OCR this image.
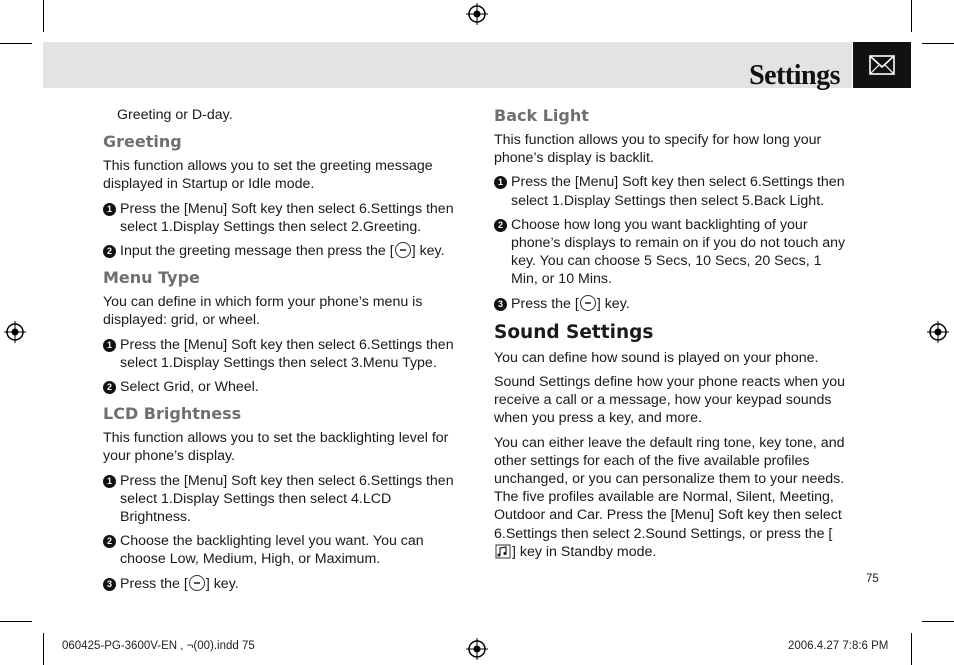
Settings

Greeting or D-day.

Greeting

This function allows you to set the greeting message displayed in Startup or Idle mode.

1 Press the [Menu] Soft key then select 6.Settings then select 1.Display Settings then select 2.Greeting.
2 Input the greeting message then press the [ ] key.
Menu Type

You can define in which form your phone’s menu is displayed: grid, or wheel.

1 Press the [Menu] Soft key then select 6.Settings then select 1.Display Settings then select 3.Menu Type.
2 Select Grid, or Wheel.
LCD Brightness

This function allows you to set the backlighting level for your phone’s display.

1 Press the [Menu] Soft key then select 6.Settings then select 1.Display Settings then select 4.LCD Brightness.
2 Choose the backlighting level you want. You can choose Low, Medium, High, or Maximum.
3 Press the [ ] key.
Back Light

This function allows you to specify for how long your phone’s display is backlit.

1 Press the [Menu] Soft key then select 6.Settings then select 1.Display Settings then select 5.Back Light.
2 Choose how long you want backlighting of your phone’s displays to remain on if you do not touch any key. You can choose 5 Secs, 10 Secs, 20 Secs, 1 Min, or 10 Mins.
3 Press the [ ] key.
Sound Settings

You can define how sound is played on your phone.

Sound Settings define how your phone reacts when you receive a call or a message, how your keypad sounds when you press a key, and more.

You can either leave the default ring tone, key tone, and other settings for each of the five available profiles unchanged, or you can personalize them to your needs. The five profiles available are Normal, Silent, Meeting, Outdoor and Car. Press the [Menu] Soft key then select 6.Settings then select 2.Sound Settings, or press the [] key in Standby mode.

75
060425-PG-3600V-EN , ¬(00).indd 75	2006.4.27 7:8:6 PM
